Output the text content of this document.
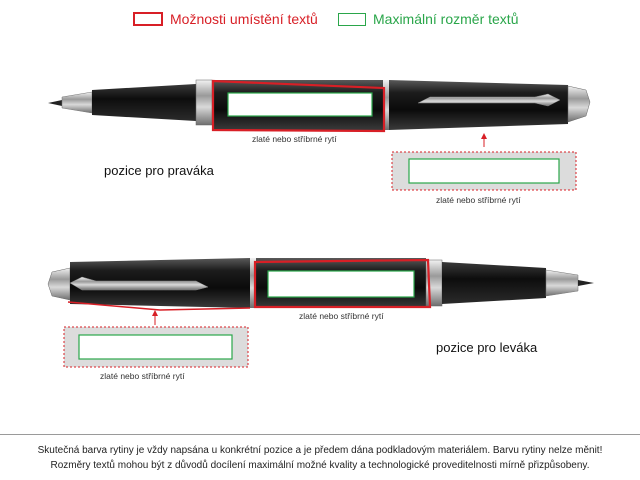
Možnosti umístění textů	Maximální rozměr textů
zlaté nebo stříbrné rytí
pozice pro praváka
zlaté nebo stříbrné rytí
zlaté nebo stříbrné rytí
pozice pro leváka
zlaté nebo stříbrné rytí
Skutečná barva rytiny je vždy napsána u konkrétní pozice a je předem dána podkladovým materiálem. Barvu rytiny nelze měnit!
Rozměry textů mohou být z důvodů docílení maximální možné kvality a technologické proveditelnosti mírně přizpůsobeny.
